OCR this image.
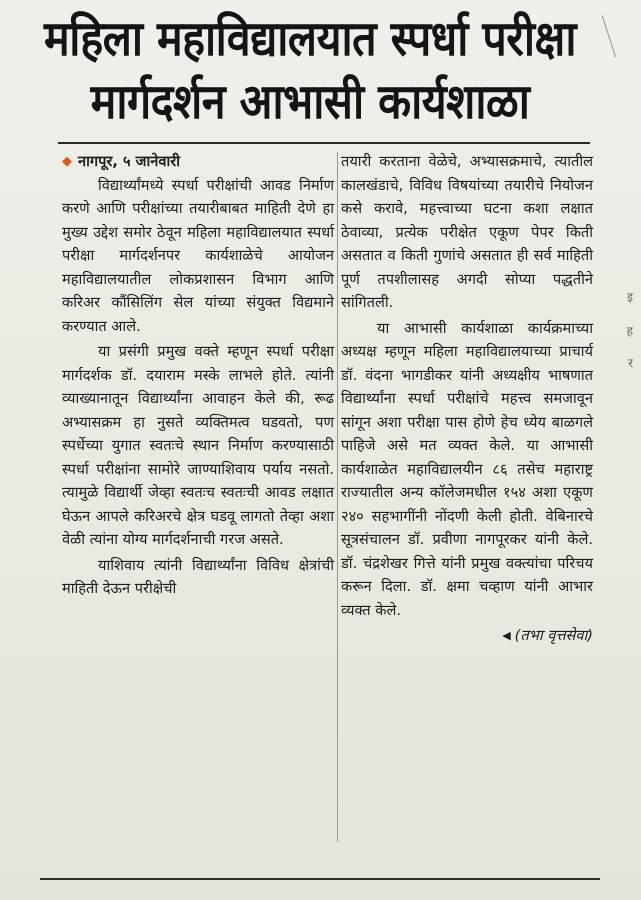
महिला महाविद्यालयात स्पर्धा परीक्षा
मार्गदर्शन आभासी कार्यशाळा
◆ नागपूर, ५ जानेवारी

विद्यार्थ्यांमध्ये स्पर्धा परीक्षांची आवड निर्माण करणे आणि परीक्षांच्या तयारीबाबत माहिती देणे हा मुख्य उद्देश समोर ठेवून महिला महाविद्यालयात स्पर्धा परीक्षा मार्गदर्शनपर कार्यशाळेचे आयोजन महाविद्यालयातील लोकप्रशासन विभाग आणि करिअर कौंसिलिंग सेल यांच्या संयुक्त विद्यमाने करण्यात आले.

या प्रसंगी प्रमुख वक्ते म्हणून स्पर्धा परीक्षा मार्गदर्शक डॉ. दयाराम मस्के लाभले होते. त्यांनी व्याख्यानातून विद्यार्थ्यांना आवाहन केले की, रूढ अभ्यासक्रम हा नुसते व्यक्तिमत्व घडवतो, पण स्पर्धेच्या युगात स्वतःचे स्थान निर्माण करण्यासाठी स्पर्धा परीक्षांना सामोरे जाण्याशिवाय पर्याय नसतो. त्यामुळे विद्यार्थी जेव्हा स्वतःच स्वतःची आवड लक्षात घेऊन आपले करिअरचे क्षेत्र घडवू लागतो तेव्हा अशा वेळी त्यांना योग्य मार्गदर्शनाची गरज असते.

याशिवाय त्यांनी विद्यार्थ्यांना विविध क्षेत्रांची माहिती देऊन परीक्षेची

तयारी करताना वेळेचे, अभ्यासक्रमाचे, त्यातील कालखंडाचे, विविध विषयांच्या तयारीचे नियोजन कसे करावे, महत्त्वाच्या घटना कशा लक्षात ठेवाव्या, प्रत्येक परीक्षेत एकूण पेपर किती असतात व किती गुणांचे असतात ही सर्व माहिती पूर्ण तपशीलासह अगदी सोप्या पद्धतीने सांगितली.

या आभासी कार्यशाळा कार्यक्रमाच्या अध्यक्ष म्हणून महिला महाविद्यालयाच्या प्राचार्य डॉ. वंदना भागडीकर यांनी अध्यक्षीय भाषणात विद्यार्थ्यांना स्पर्धा परीक्षांचे महत्त्व समजावून सांगून अशा परीक्षा पास होणे हेच ध्येय बाळगले पाहिजे असे मत व्यक्त केले. या आभासी कार्यशाळेत महाविद्यालयीन ८६ तसेच महाराष्ट्र राज्यातील अन्य कॉलेजमधील १५४ अशा एकूण २४० सहभागींनी नोंदणी केली होती. वेबिनारचे सूत्रसंचालन डॉ. प्रवीणा नागपूरकर यांनी केले. डॉ. चंद्रशेखर गित्ते यांनी प्रमुख वक्त्यांचा परिचय करून दिला. डॉ. क्षमा चव्हाण यांनी आभार व्यक्त केले.

◀ (तभा वृत्तसेवा)
इ
ह
र
